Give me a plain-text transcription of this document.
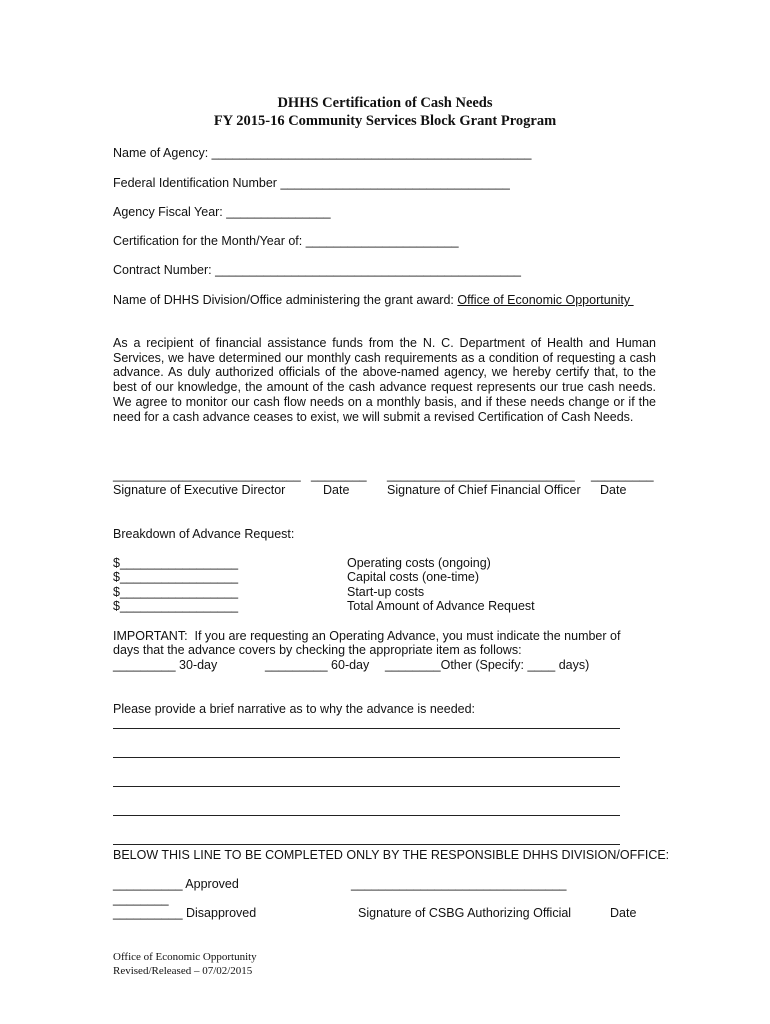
DHHS Certification of Cash Needs
FY 2015-16 Community Services Block Grant Program
Name of Agency: ______________________________________________
Federal Identification Number _________________________________
Agency Fiscal Year: _______________
Certification for the Month/Year of: ______________________
Contract Number: ____________________________________________
Name of DHHS Division/Office administering the grant award: Office of Economic Opportunity
As a recipient of financial assistance funds from the N. C. Department of Health and Human Services, we have determined our monthly cash requirements as a condition of requesting a cash advance. As duly authorized officials of the above-named agency, we hereby certify that, to the best of our knowledge, the amount of the cash advance request represents our true cash needs. We agree to monitor our cash flow needs on a monthly basis, and if these needs change or if the need for a cash advance ceases to exist, we will submit a revised Certification of Cash Needs.
___________________________ ________ ___________________________ _________
Signature of Executive Director	Date	Signature of Chief Financial Officer Date
Breakdown of Advance Request:
$_________________	Operating costs (ongoing)
$_________________	Capital costs (one-time)
$_________________	Start-up costs
$_________________	Total Amount of Advance Request
IMPORTANT:  If you are requesting an Operating Advance, you must indicate the number of
days that the advance covers by checking the appropriate item as follows:
_________ 30-day	_________ 60-day ________Other (Specify: ____ days)
Please provide a brief narrative as to why the advance is needed:
BELOW THIS LINE TO BE COMPLETED ONLY BY THE RESPONSIBLE DHHS DIVISION/OFFICE:
__________ Approved	_______________________________
________
__________ Disapproved	Signature of CSBG Authorizing Official	Date
Office of Economic Opportunity
Revised/Released – 07/02/2015
